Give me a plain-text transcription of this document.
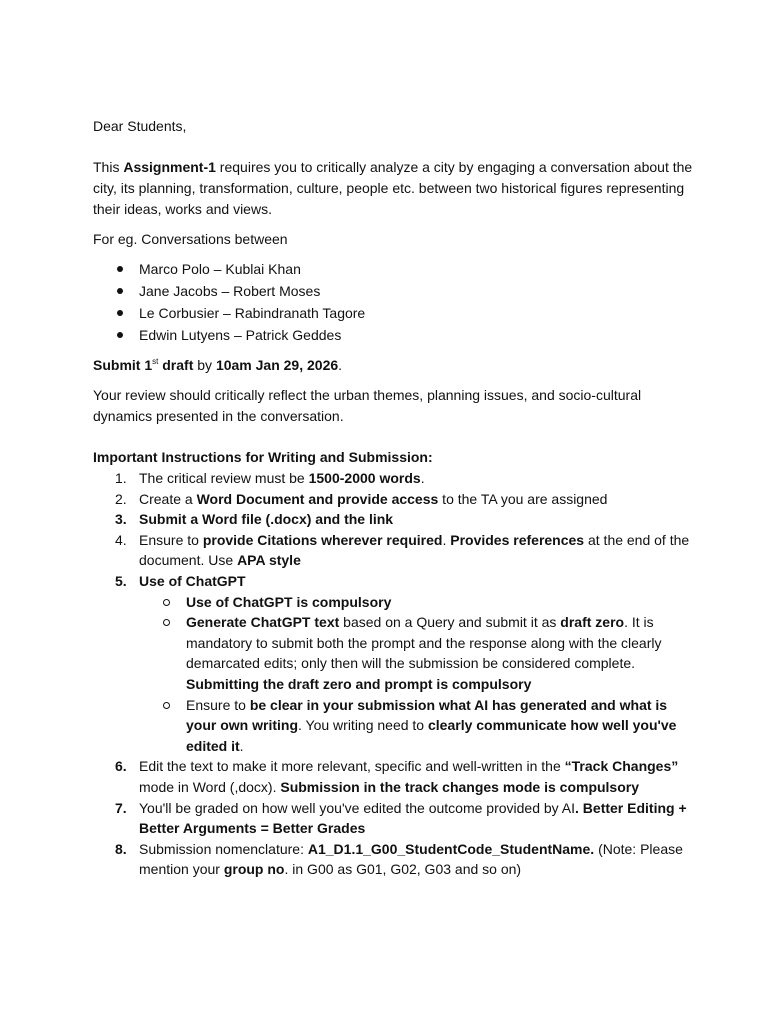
Dear Students,

This Assignment-1 requires you to critically analyze a city by engaging a conversation about the city, its planning, transformation, culture, people etc. between two historical figures representing their ideas, works and views.

For eg. Conversations between

Marco Polo – Kublai Khan
Jane Jacobs – Robert Moses
Le Corbusier – Rabindranath Tagore
Edwin Lutyens – Patrick Geddes

Submit 1st draft by 10am Jan 29, 2026.

Your review should critically reflect the urban themes, planning issues, and socio-cultural dynamics presented in the conversation.

Important Instructions for Writing and Submission:

1. The critical review must be 1500-2000 words.
2. Create a Word Document and provide access to the TA you are assigned
3. Submit a Word file (.docx) and the link
4. Ensure to provide Citations wherever required. Provides references at the end of the document. Use APA style
5. Use of ChatGPT
Use of ChatGPT is compulsory
Generate ChatGPT text based on a Query and submit it as draft zero. It is mandatory to submit both the prompt and the response along with the clearly demarcated edits; only then will the submission be considered complete. Submitting the draft zero and prompt is compulsory
Ensure to be clear in your submission what AI has generated and what is your own writing. You writing need to clearly communicate how well you've edited it.
6. Edit the text to make it more relevant, specific and well-written in the “Track Changes” mode in Word (,docx). Submission in the track changes mode is compulsory
7. You'll be graded on how well you've edited the outcome provided by AI. Better Editing + Better Arguments = Better Grades
8. Submission nomenclature: A1_D1.1_G00_StudentCode_StudentName. (Note: Please mention your group no. in G00 as G01, G02, G03 and so on)
